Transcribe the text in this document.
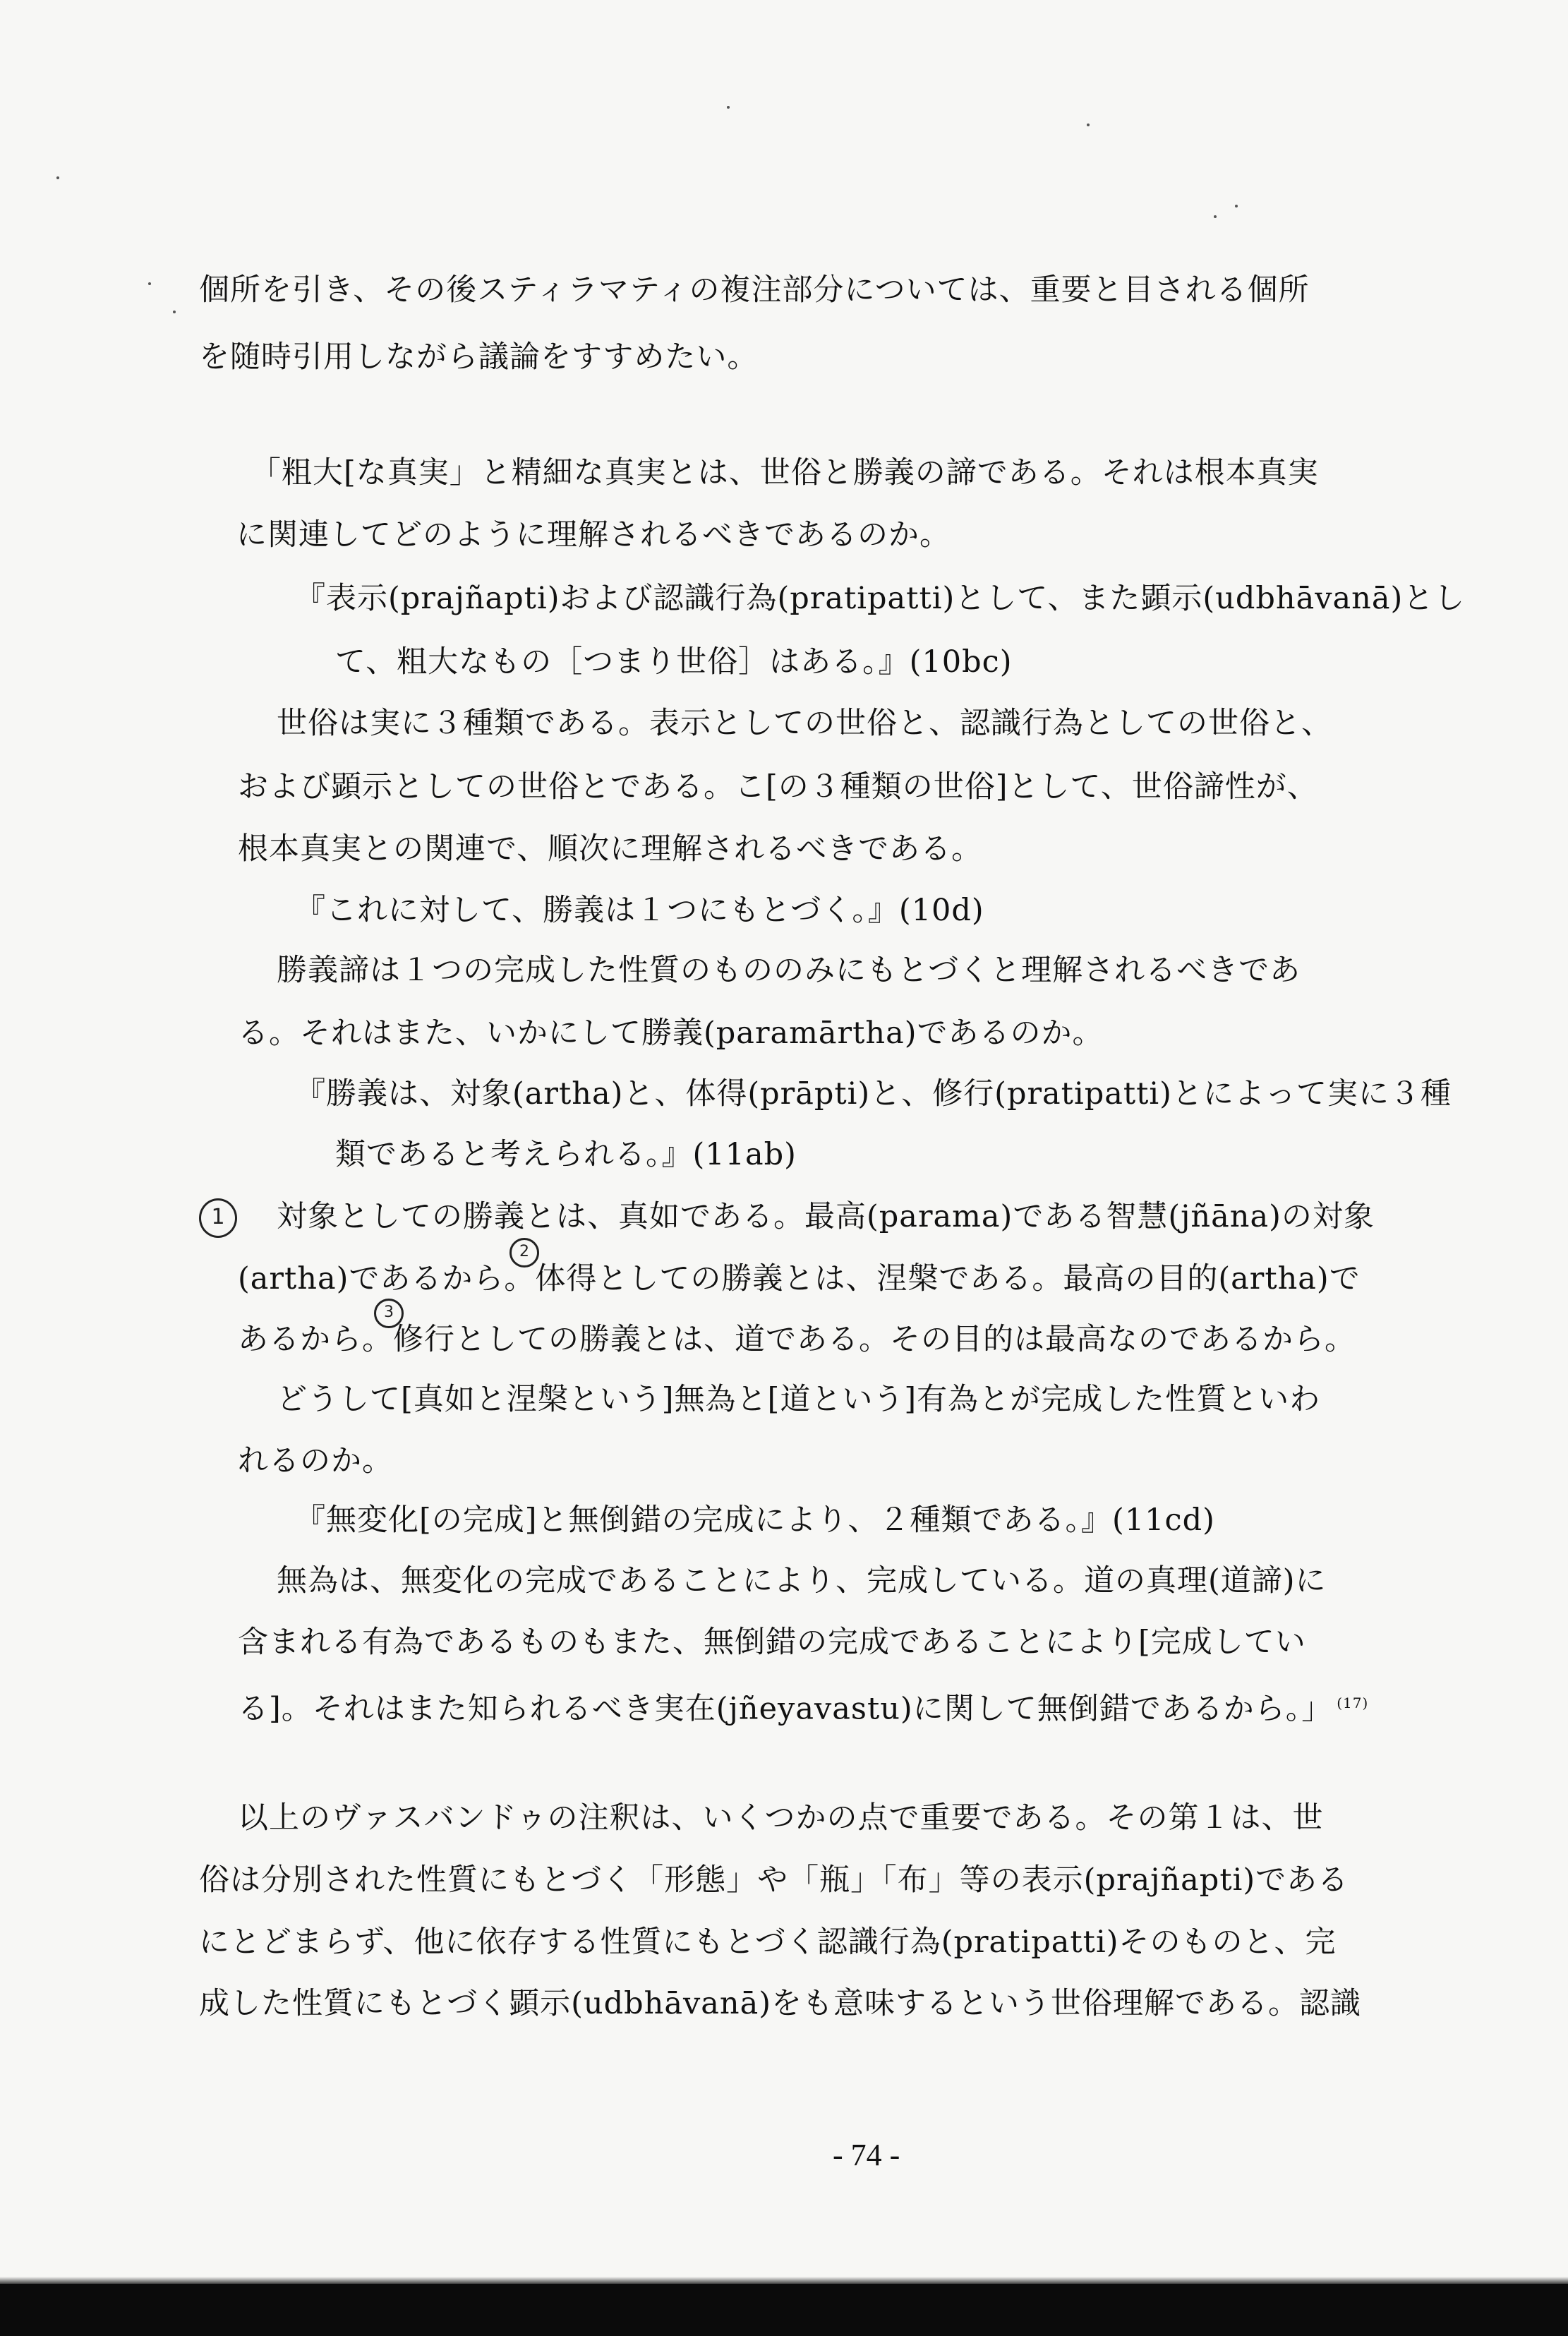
個所を引き、その後スティラマティの複注部分については、重要と目される個所
を随時引用しながら議論をすすめたい。
「粗大[な真実」と精細な真実とは、世俗と勝義の諦である。それは根本真実
に関連してどのように理解されるべきであるのか。
『表示(prajñapti)および認識行為(pratipatti)として、また顕示(udbhāvanā)とし
て、粗大なもの［つまり世俗］はある。』(10bc)
世俗は実に３種類である。表示としての世俗と、認識行為としての世俗と、
および顕示としての世俗とである。こ[の３種類の世俗]として、世俗諦性が、
根本真実との関連で、順次に理解されるべきである。
『これに対して、勝義は１つにもとづく。』(10d)
勝義諦は１つの完成した性質のもののみにもとづくと理解されるべきであ
る。それはまた、いかにして勝義(paramārtha)であるのか。
『勝義は、対象(artha)と、体得(prāpti)と、修行(pratipatti)とによって実に３種
類であると考えられる。』(11ab)
1	対象としての勝義とは、真如である。最高(parama)である智慧(jñāna)の対象
(artha)であるから。体得としての勝義とは、涅槃である。最高の目的(artha)で
2
あるから。修行としての勝義とは、道である。その目的は最高なのであるから。
3
どうして[真如と涅槃という]無為と[道という]有為とが完成した性質といわ
れるのか。
『無変化[の完成]と無倒錯の完成により、２種類である。』(11cd)
無為は、無変化の完成であることにより、完成している。道の真理(道諦)に
含まれる有為であるものもまた、無倒錯の完成であることにより[完成してい
る]。それはまた知られるべき実在(jñeyavastu)に関して無倒錯であるから。」 $^{(17)}$
以上のヴァスバンドゥの注釈は、いくつかの点で重要である。その第１は、世
俗は分別された性質にもとづく「形態」や「瓶」「布」等の表示(prajñapti)である
にとどまらず、他に依存する性質にもとづく認識行為(pratipatti)そのものと、完
成した性質にもとづく顕示(udbhāvanā)をも意味するという世俗理解である。認識
- 74 -
